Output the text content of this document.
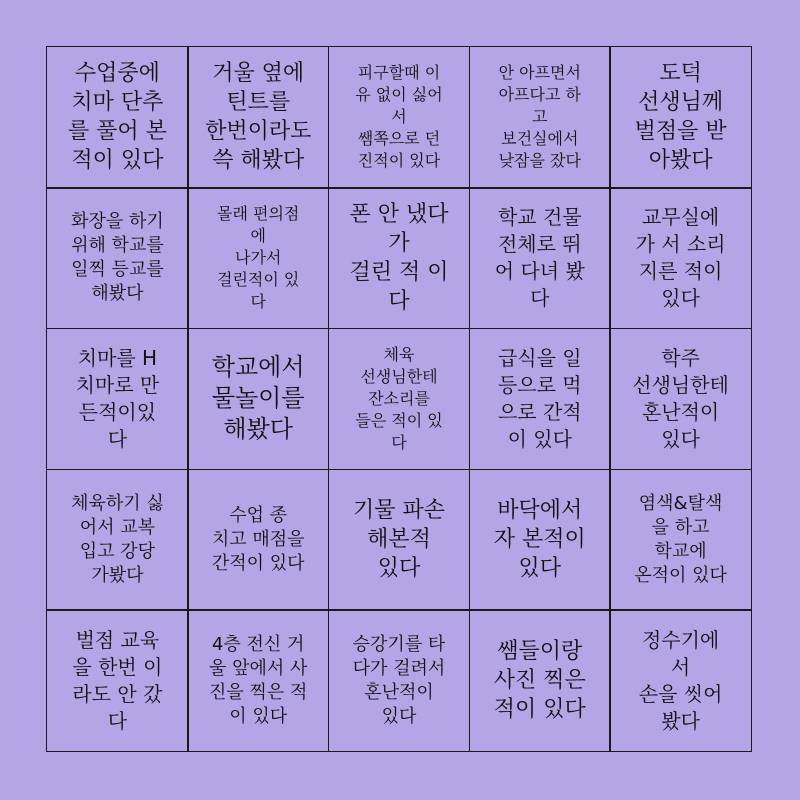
수업중에
치마 단추
를 풀어 본
적이 있다
거울 옆에
틴트를
한번이라도
쓱 해봤다
피구할때 이
유 없이 싫어
서
쌤쪽으로 던
진적이 있다
안 아프면서
아프다고 하
고
보건실에서
낮잠을 잤다
도덕
선생님께
벌점을 받
아봤다
화장을 하기
위해 학교를
일찍 등교를
해봤다
몰래 편의점
에
나가서
걸린적이 있
다
폰 안 냈다
가
걸린 적 이
다
학교 건물
전체로 뛰
어 다녀 봤
다
교무실에
가 서 소리
지른 적이
있다
치마를 H
치마로 만
든적이있
다
학교에서
물놀이를
해봤다
체육
선생님한테
잔소리를
들은 적이 있
다
급식을 일
등으로 먹
으로 간적
이 있다
학주
선생님한테
혼난적이
있다
체육하기 싫
어서 교복
입고 강당
가봤다
수업 종
치고 매점을
간적이 있다
기물 파손
해본적
있다
바닥에서
자 본적이
있다
염색&탈색
을 하고
학교에
온적이 있다
벌점 교육
을 한번 이
라도 안 갔
다
4층 전신 거
울 앞에서 사
진을 찍은 적
이 있다
승강기를 타
다가 걸려서
혼난적이
있다
쌤들이랑
사진 찍은
적이 있다
정수기에
서
손을 씻어
봤다
